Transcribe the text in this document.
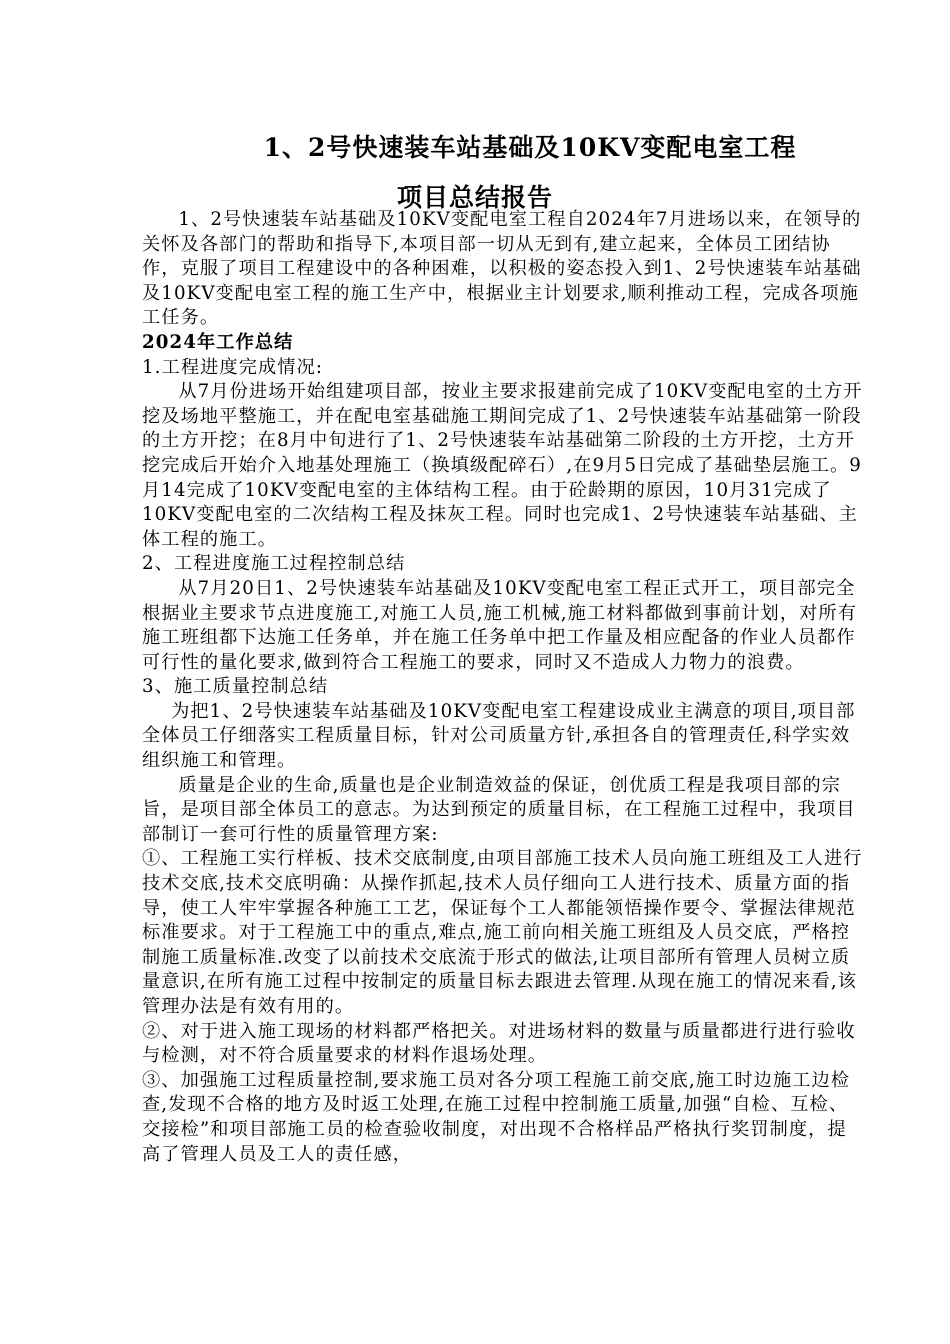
1、2号快速装车站基础及10KV变配电室工程
项目总结报告

1、2号快速装车站基础及10KV变配电室工程自2024年7月进场以来，在领导的关怀及各部门的帮助和指导下,本项目部一切从无到有,建立起来，全体员工团结协作，克服了项目工程建设中的各种困难，以积极的姿态投入到1、2号快速装车站基础及10KV变配电室工程的施工生产中，根据业主计划要求,顺利推动工程，完成各项施工任务。

2024年工作总结

1.工程进度完成情况:

从7月份进场开始组建项目部，按业主要求报建前完成了10KV变配电室的土方开挖及场地平整施工，并在配电室基础施工期间完成了1、2号快速装车站基础第一阶段的土方开挖；在8月中旬进行了1、2号快速装车站基础第二阶段的土方开挖，土方开挖完成后开始介入地基处理施工（换填级配碎石）,在9月5日完成了基础垫层施工。9月14完成了10KV变配电室的主体结构工程。由于砼龄期的原因，10月31完成了10KV变配电室的二次结构工程及抹灰工程。同时也完成1、2号快速装车站基础、主体工程的施工。

2、工程进度施工过程控制总结

从7月20日1、2号快速装车站基础及10KV变配电室工程正式开工，项目部完全根据业主要求节点进度施工,对施工人员,施工机械,施工材料都做到事前计划，对所有施工班组都下达施工任务单，并在施工任务单中把工作量及相应配备的作业人员都作可行性的量化要求,做到符合工程施工的要求，同时又不造成人力物力的浪费。

3、施工质量控制总结

为把1、2号快速装车站基础及10KV变配电室工程建设成业主满意的项目,项目部全体员工仔细落实工程质量目标，针对公司质量方针,承担各自的管理责任,科学实效组织施工和管理。

质量是企业的生命,质量也是企业制造效益的保证，创优质工程是我项目部的宗旨，是项目部全体员工的意志。为达到预定的质量目标，在工程施工过程中，我项目部制订一套可行性的质量管理方案:

①、工程施工实行样板、技术交底制度,由项目部施工技术人员向施工班组及工人进行技术交底,技术交底明确：从操作抓起,技术人员仔细向工人进行技术、质量方面的指导，使工人牢牢掌握各种施工工艺，保证每个工人都能领悟操作要令、掌握法律规范标准要求。对于工程施工中的重点,难点,施工前向相关施工班组及人员交底，严格控制施工质量标准.改变了以前技术交底流于形式的做法,让项目部所有管理人员树立质量意识,在所有施工过程中按制定的质量目标去跟进去管理.从现在施工的情况来看,该管理办法是有效有用的。

②、对于进入施工现场的材料都严格把关。对进场材料的数量与质量都进行进行验收与检测，对不符合质量要求的材料作退场处理。

③、加强施工过程质量控制,要求施工员对各分项工程施工前交底,施工时边施工边检查,发现不合格的地方及时返工处理,在施工过程中控制施工质量,加强“自检、互检、交接检”和项目部施工员的检查验收制度，对出现不合格样品严格执行奖罚制度，提高了管理人员及工人的责任感，
